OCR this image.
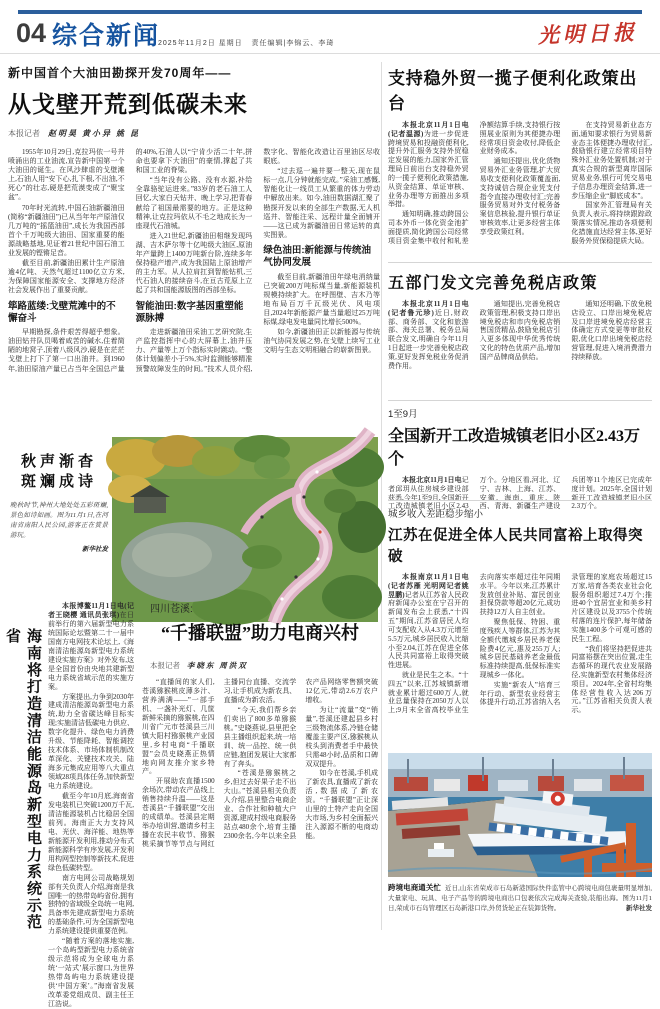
04 综合新闻
2025年11月2日 星期日 责任编辑|李锦云、李琦	光明日报
新中国首个大油田勘探开发70周年——
从戈壁开荒到低碳未来
本报记者 赵明昊 黄小异 姚 昆

1955年10月29日,克拉玛依一号井喷涌出的工业油流,宣告新中国第一个大油田的诞生。在风沙肆虐的戈壁滩上,石油人用“安下心,扎下根,不出油,不死心”的壮志,硬是把荒漠变成了“聚宝盆”。

70年时光流转,中国石油新疆油田(简称“新疆油田”)已从当年年产原油仅几万吨的“摇篮油田”,成长为我国西部首个千万吨级大油田、国家重要的能源战略基地,见证着21世纪中国石油工业发展的铿锵足音。

截至目前,新疆油田累计生产原油逾4亿吨、天然气超过1100亿立方米,为保障国家能源安全、支撑地方经济社会发展作出了重要贡献。

筚路蓝缕:戈壁荒滩中的不懈奋斗

早期勘探,条件艰苦得超乎想象。油田钻井队员喝着咸苦的碱水,住着简陋的地窝子,顶着八级风沙,硬是在茫茫戈壁上打下了第一口出油井。到1960年,油田原油产量已占当年全国总产量的40%,石油人以“宁肯少活二十年,拼命也要拿下大油田”的豪情,撑起了共和国工业的脊梁。

“当年没有公路、没有水源,补给全靠骆驼运进来。”83岁的老石油工人回忆,大家白天钻井、晚上学习,把青春献给了祖国最需要的地方。正是这种精神,让克拉玛依从不毛之地成长为一座现代石油城。

进入21世纪,新疆油田相继发现玛湖、吉木萨尔等十亿吨级大油区,原油年产量跨上1400万吨新台阶,连续多年保持稳产增产,成为我国陆上原油增产的主力军。从人拉肩扛到智能钻机,三代石油人的接续奋斗,在亘古荒原上立起了共和国能源版图的西部坐标。

智能油田:数字基因重塑能源脉搏

走进新疆油田采油工艺研究院,生产监控指挥中心的大屏幕上,油井压力、产量等上万个指标实时跳动。“整体计划偏差小于5%,实时监测能够精准预警故障发生的时间。”技术人员介绍,数字化、智能化改造让百里油区尽收眼底。

“过去巡一遍井要一整天,现在鼠标一点,几分钟就能完成。”采油工感慨,智能化让一线员工从繁重的体力劳动中解放出来。如今,油田数据湖汇聚了勘探开发以来的全部生产数据,无人机巡井、智能注采、远程计量全面铺开——这已成为新疆油田日常运转的真实图景。

绿色油田:新能源与传统油气协同发展

截至目前,新疆油田年绿电消纳量已突破200万吨标煤当量,新能源装机规模持续扩大。在呼图壁、吉木乃等地布局百万千瓦级光伏、风电项目,2024年新能源产量当量超过25万吨标煤,绿电发电量同比增长500%。

如今,新疆油田正以新能源与传统油气协同发展之势,在戈壁上续写工业文明与生态文明相融合的崭新图景。

支持稳外贸一揽子便利化政策出台

本报北京11月1日电(记者温源)为进一步促进跨境贸易和投融资便利化,提升外汇服务支持外贸稳定发展的能力,国家外汇管理局日前出台支持稳外贸的一揽子便利化政策措施,从资金结算、单证审核、业务办理等方面推出多项举措。

通知明确,推动跨国公司本外币一体化资金池扩面提质,简化跨国公司经常项目资金集中收付和轧差净额结算手续,支持银行按照展业原则为其便捷办理经常项目资金收付,降低企业财务成本。

通知还提出,优化货物贸易外汇业务管理,扩大贸易收支便利化政策覆盖面,支持诚信合规企业凭支付指令直接办理收付汇;完善服务贸易对外支付税务备案信息核验,提升银行单证审核效率,让更多经营主体享受政策红利。

在支持贸易新业态方面,通知要求银行为贸易新业态主体便捷办理收付汇,鼓励银行建立经常项目特殊外汇业务处置机制;对于真实合规的新型离岸国际贸易业务,银行可凭交易电子信息办理资金结算,进一步压缩企业“脚底成本”。

国家外汇管理局有关负责人表示,将持续跟踪政策落实情况,推动各项便利化措施直达经营主体,更好服务外贸保稳提质大局。

五部门发文完善免税店政策

本报北京11月1日电(记者鲁元珍)近日,财政部、商务部、文化和旅游部、海关总署、税务总局联合发文,明确自今年11月1日起进一步完善免税店政策,更好发挥免税业务促消费作用。

通知提出,完善免税店政策管理,积极支持口岸出境免税店和市内免税店销售国货精品,鼓励免税店引入更多体现中华优秀传统文化的特色优质产品,增加国产品牌商品供给。

通知还明确,下放免税店设立、口岸出境免税店及口岸进境免税店经营主体确定方式变更等审批权限,优化口岸出境免税店经营管理,促进入境消费潜力持续释放。

1至9月
全国新开工改造城镇老旧小区2.43万个

本报北京11月1日电记者邱玥从住房城乡建设部获悉,今年1至9月,全国新开工改造城镇老旧小区2.43万个。分地区看,河北、辽宁、吉林、上海、江苏、安徽、海南、重庆、陕西、青海、新疆生产建设兵团等11个地区已完成年度计划。2025年,全国计划新开工改造城镇老旧小区2.3万个。

城乡收入差距稳步缩小
江苏在促进全体人民共同富裕上取得突破

本报南京11月1日电(记者苏雁 光明网记者姚昱鹏)记者从江苏省人民政府新闻办公室在宁召开的新闻发布会上获悉,“十四五”期间,江苏省居民人均可支配收入从4.3万元增至5.5万元,城乡居民收入比缩小至2.04,江苏在促进全体人民共同富裕上取得突破性进展。

就业是民生之本。“十四五”以来,江苏城镇新增就业累计超过600万人,就业总量保持在2050万人以上;9月末全省高校毕业生去向落实率超过往年同期水平。今年以来,江苏累计发放创业补贴、富民创业担保贷款等超20亿元,成功扶持12万人自主创业。

聚焦低保、特困、重度残疾人等群体,江苏为其全额代缴城乡居民养老保险费4亿元,惠及255万人;城乡居民基础养老金最低标准持续提高,低保标准实现城乡一体化。

实施“新农人”培育三年行动、新型农业经营主体提升行动,江苏省纳入名录管理的家庭农场超过15万家,培育各类农业社会化服务组织超过7.4万个;推进40个宜居宜业和美乡村片区建设以及3755个传统村落的连片保护,每年储备实施1400多个可观可感的民生工程。

“我们将坚持把促进共同富裕摆在突出位置,走生态循环的现代农业发展路径,实施新型农村集体经济项目。2024年,全省村均集体经营性收入达206万元。”江苏省相关负责人表示。

秋声渐杳
斑斓成诗
晚秋时节,神州大地处处五彩斑斓,景色如诗如画。图为11月1日,在河南省南阳人民公园,游客正在赏景游玩。
新华社发
海南将打造清洁能源岛新型电力系统示范省

本报博鳌11月1日电(记者王晓樱 通讯员张琪)在日前举行的第六届新型电力系统国际论坛暨第二十一届中国南方电网技术论坛上,《海南清洁能源岛新型电力系统建设实施方案》对外发布,这是全国首份由央地共建新型电力系统省域示范的实施方案。

方案提出,力争到2030年建成清洁能源岛新型电力系统,助力全省碳达峰目标实现;实施清洁低碳电力供应、数字化提升、绿色电力消费升级、节能降耗、智能调控技术体系、市场体制机制改革深化、关键技术攻关、陆海多元集成应用等八大重点领域28项具体任务,加快新型电力系统建设。

截至今年10月底,海南省发电装机已突破1200万千瓦,清洁能源装机占比稳居全国前列。海南正大力支持风电、光伏、海洋能、地热等新能源开发利用,推动分布式新能源科学有序发展,开发利用构网型控制等新技术,促进绿色低碳转型。

南方电网公司战略规划部有关负责人介绍,海南是我国唯一的热带岛屿省份,拥有独特的省域级全岛统一电网,具备率先建成新型电力系统的基础条件,可为全国新型电力系统建设提供重要范例。

“随着方案的落地实施,一个岛屿型新型电力系统省级示范将成为全球电力系统‘一站式’展示窗口,为世界热带岛屿电力系统建设提供‘中国方案’。”海南省发展改革委党组成员、副主任王江浩说。

四川苍溪:
“千播联盟”助力电商兴村
本报记者 李晓东 周洪双

“直播间的家人们,苍溪猕猴桃皮薄多汁、营养满满——”一部手机、一盏补光灯、几筐新鲜采摘的猕猴桃,在四川省广元市苍溪县三川镇大阳村猕猴桃产业园里,乡村电商“千播联盟”会员史晓燕正热情地向网友推介家乡特产。

开展助农直播1500余场次,带动农产品线上销售持续升温——这是苍溪县“千播联盟”交出的成绩单。苍溪县定期举办培训营,邀请乡村主播在农民丰收节、猕猴桃采摘节等节点与网红主播同台直播、交流学习,让手机成为新农具、直播成为新农活。

“今天,我们帮乡亲们卖出了800多单猕猴桃。”史晓燕说,县里把全县主播组织起来,统一培训、统一品控、统一供应链,抱团发展让大家都有了奔头。

“苍溪是猕猴桃之乡,但过去好果子走不出大山。”苍溪县相关负责人介绍,县里整合电商企业、合作社和种植大户资源,建成村级电商服务站点480余个,培育主播2300余名,今年以来全县农产品网络零售额突破12亿元,带动2.6万农户增收。

为让“流量”变“销量”,苍溪还建起县乡村三级物流体系,冷链仓储覆盖主要产区,猕猴桃从枝头到消费者手中最快只需48小时,品质和口碑双双提升。

如今在苍溪,手机成了新农具,直播成了新农活,数据成了新农资。“千播联盟”正让深山里的土特产走向全国大市场,为乡村全面振兴注入源源不断的电商动能。

跨境电商通关忙 近日,山东省荣成市石岛新港国际快件监管中心跨境电商包裹量明显增加,大量家电、玩具、电子产品等的跨境电商出口包裹依次完成海关查验,装船出海。图为11月1日,荣成市石岛管理区石岛新港口岸,外贸货轮正在装卸货物。	新华社发
